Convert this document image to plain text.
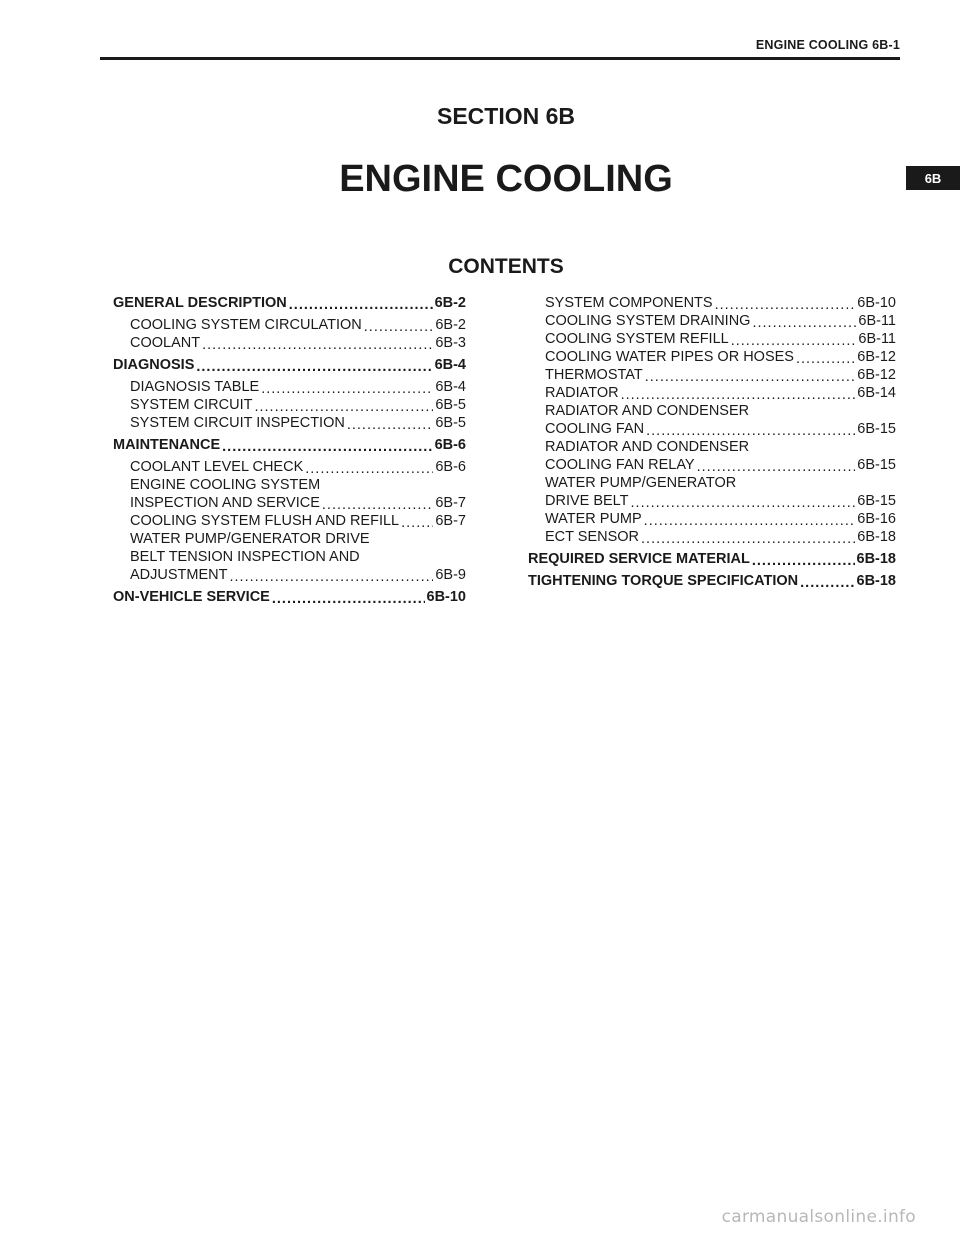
ENGINE COOLING 6B-1
6B
SECTION 6B
ENGINE COOLING
CONTENTS
GENERAL DESCRIPTION .....	6B-2
COOLING SYSTEM CIRCULATION .....	6B-2
COOLANT .....	6B-3
DIAGNOSIS .....	6B-4
DIAGNOSIS TABLE .....	6B-4
SYSTEM CIRCUIT .....	6B-5
SYSTEM CIRCUIT INSPECTION .....	6B-5
MAINTENANCE .....	6B-6
COOLANT LEVEL CHECK .....	6B-6
ENGINE COOLING SYSTEM
INSPECTION AND SERVICE .....	6B-7
COOLING SYSTEM FLUSH AND REFILL ..... 6B-7
WATER PUMP/GENERATOR DRIVE
BELT TENSION INSPECTION AND
ADJUSTMENT .....	6B-9
ON-VEHICLE SERVICE .....	6B-10
SYSTEM COMPONENTS .....	6B-10
COOLING SYSTEM DRAINING .....	6B-11
COOLING SYSTEM REFILL .....	6B-11
COOLING WATER PIPES OR HOSES .....	6B-12
THERMOSTAT .....	6B-12
RADIATOR .....	6B-14
RADIATOR AND CONDENSER
COOLING FAN .....	6B-15
RADIATOR AND CONDENSER
COOLING FAN RELAY .....	6B-15
WATER PUMP/GENERATOR
DRIVE BELT .....	6B-15
WATER PUMP .....	6B-16
ECT SENSOR .....	6B-18
REQUIRED SERVICE MATERIAL .....	6B-18
TIGHTENING TORQUE SPECIFICATION .....	6B-18
carmanualsonline.info
